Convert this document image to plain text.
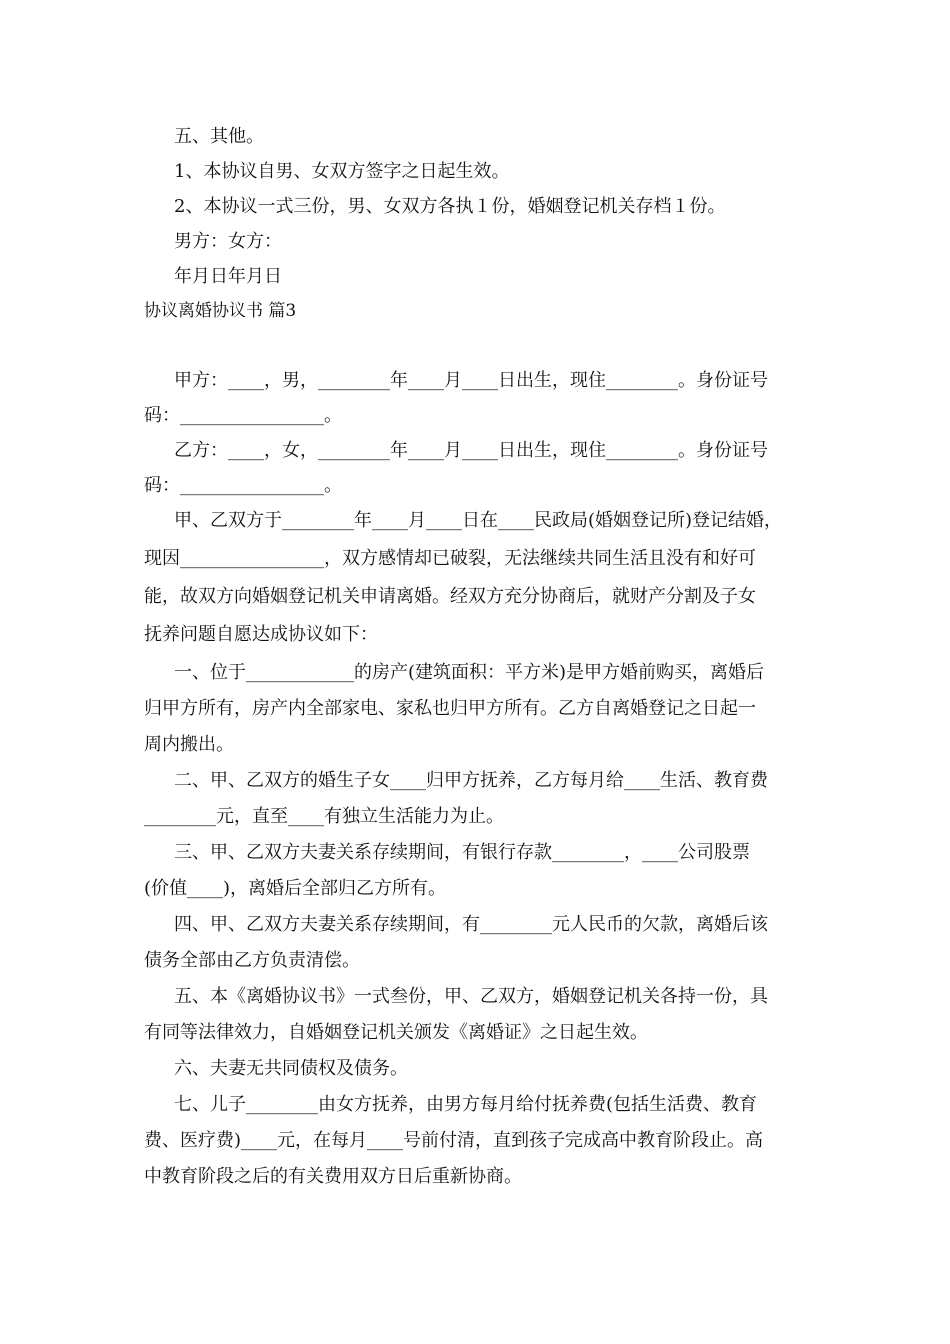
五、其他。
1、本协议自男、女双方签字之日起生效。
2、本协议一式三份，男、女双方各执１份，婚姻登记机关存档１份。
男方：女方：
年月日年月日
协议离婚协议书 篇3
甲方：____，男，________年____月____日出生，现住________。身份证号
码：________________。
乙方：____，女，________年____月____日出生，现住________。身份证号
码：________________。
甲、乙双方于________年____月____日在____民政局(婚姻登记所)登记结婚，
现因________________，双方感情却已破裂，无法继续共同生活且没有和好可
能，故双方向婚姻登记机关申请离婚。经双方充分协商后，就财产分割及子女
抚养问题自愿达成协议如下：
一、位于____________的房产(建筑面积：平方米)是甲方婚前购买，离婚后
归甲方所有，房产内全部家电、家私也归甲方所有。乙方自离婚登记之日起一
周内搬出。
二、甲、乙双方的婚生子女____归甲方抚养，乙方每月给____生活、教育费
________元，直至____有独立生活能力为止。
三、甲、乙双方夫妻关系存续期间，有银行存款________，____公司股票
(价值____)，离婚后全部归乙方所有。
四、甲、乙双方夫妻关系存续期间，有________元人民币的欠款，离婚后该
债务全部由乙方负责清偿。
五、本《离婚协议书》一式叁份，甲、乙双方，婚姻登记机关各持一份，具
有同等法律效力，自婚姻登记机关颁发《离婚证》之日起生效。
六、夫妻无共同债权及债务。
七、儿子________由女方抚养，由男方每月给付抚养费(包括生活费、教育
费、医疗费)____元，在每月____号前付清，直到孩子完成高中教育阶段止。高
中教育阶段之后的有关费用双方日后重新协商。
